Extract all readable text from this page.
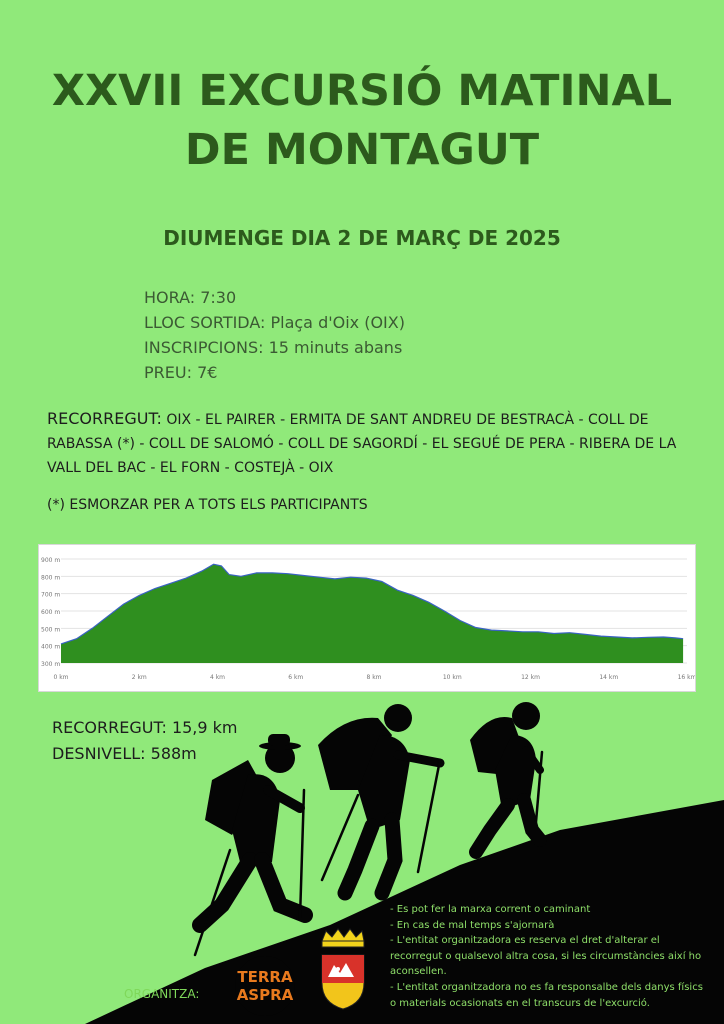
XXVII EXCURSIÓ MATINAL
DE MONTAGUT
DIUMENGE DIA 2 DE MARÇ DE 2025
HORA: 7:30
LLOC SORTIDA: Plaça d'Oix (OIX)
INSCRIPCIONS: 15 minuts abans
PREU: 7€
RECORREGUT: OIX - EL PAIRER - ERMITA DE SANT ANDREU DE BESTRACÀ - COLL DE RABASSA (*) - COLL DE SALOMÓ - COLL DE SAGORDÍ - EL SEGUÉ DE PERA - RIBERA DE LA VALL DEL BAC - EL FORN - COSTEJÀ - OIX
(*) ESMORZAR PER A TOTS ELS PARTICIPANTS
300 m
400 m
500 m
600 m
700 m
800 m
900 m
0 km	2 km	4 km	6 km	8 km	10 km	12 km	14 km	16 km
RECORREGUT: 15,9 km
DESNIVELL: 588m
- Es pot fer la marxa corrent o caminant
- En cas de mal temps s'ajornarà
- L'entitat organitzadora es reserva el dret d'alterar el recorregut o qualsevol altra cosa, si les circumstàncies així ho aconsellen.
- L'entitat organitzadora no es fa responsalbe dels danys físics o materials ocasionats en el transcurs de l'excurció.
ORGANITZA:
TERRA
ASPRA
